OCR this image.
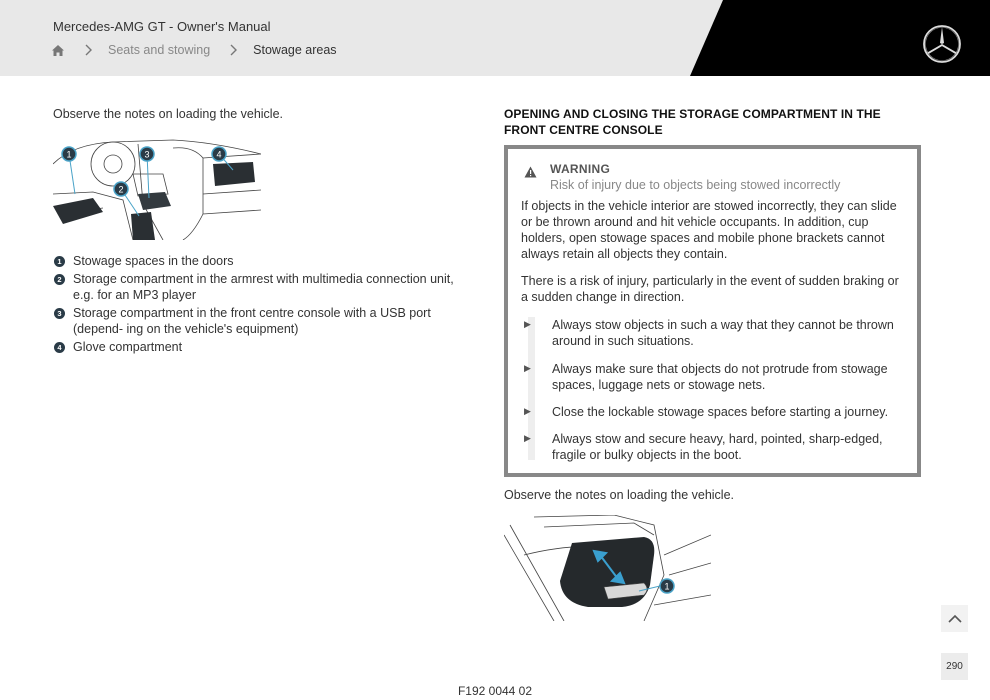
Mercedes-AMG GT - Owner's Manual
Seats and stowing	Stowage areas
Observe the notes on loading the vehicle.
1
2
3	4
1 Stowage spaces in the doors
2 Storage compartment in the armrest with multimedia connection unit, e.g. for an MP3 player
3 Storage compartment in the front centre console with a USB port (depend- ing on the vehicle's equipment)
4 Glove compartment
OPENING AND CLOSING THE STORAGE COMPARTMENT IN THE FRONT CENTRE CONSOLE
WARNING
Risk of injury due to objects being stowed incorrectly
If objects in the vehicle interior are stowed incorrectly, they can slide or be thrown around and hit vehicle occupants. In addition, cup holders, open stowage spaces and mobile phone brackets cannot always retain all objects they contain.
There is a risk of injury, particularly in the event of sudden braking or a sudden change in direction.
▶ Always stow objects in such a way that they cannot be thrown around in such situations.
▶ Always make sure that objects do not protrude from stowage spaces, luggage nets or stowage nets.
▶ Close the lockable stowage spaces before starting a journey.
▶ Always stow and secure heavy, hard, pointed, sharp-edged, fragile or bulky objects in the boot.
Observe the notes on loading the vehicle.
1
F192 0044 02
290
